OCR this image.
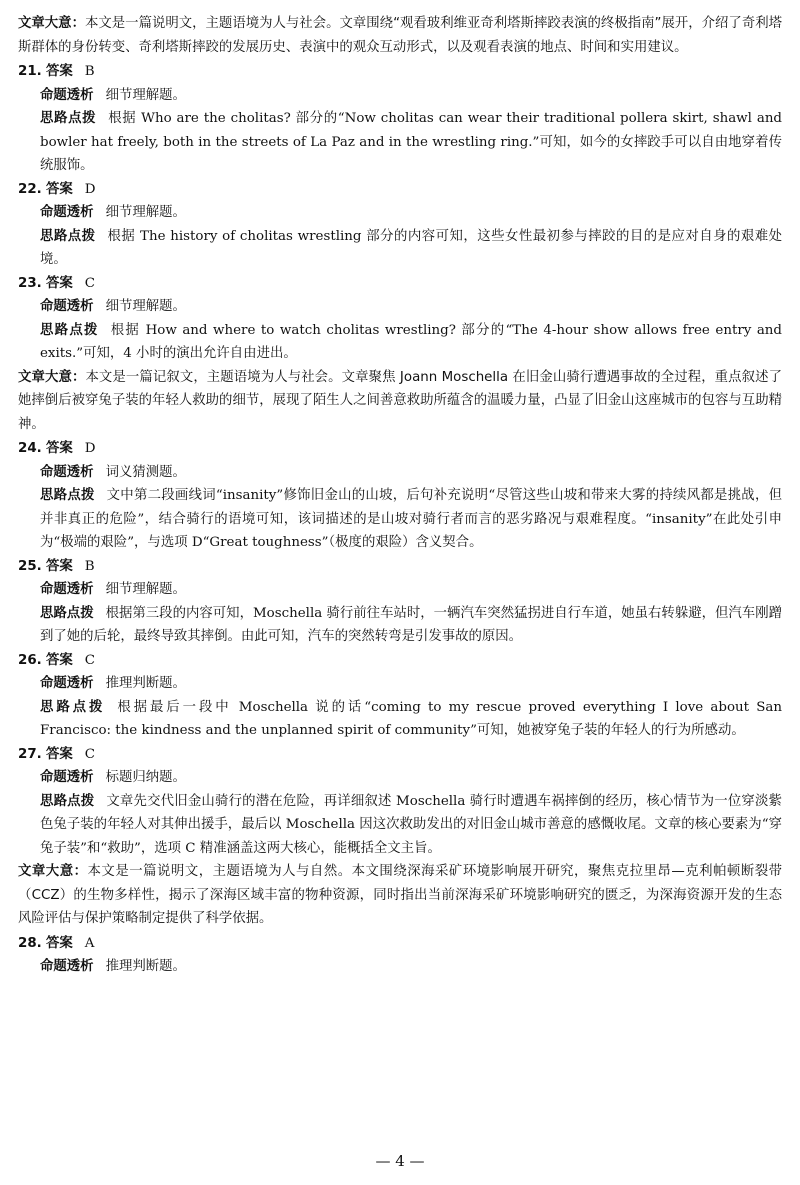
文章大意：本文是一篇说明文，主题语境为人与社会。文章围绕“观看玻利维亚奇利塔斯摔跤表演的终极指南”展开，介绍了奇利塔斯群体的身份转变、奇利塔斯摔跤的发展历史、表演中的观众互动形式，以及观看表演的地点、时间和实用建议。

21. 答案 B

命题透析 细节理解题。

思路点拨 根据 Who are the cholitas? 部分的“Now cholitas can wear their traditional pollera skirt, shawl and bowler hat freely, both in the streets of La Paz and in the wrestling ring.”可知，如今的女摔跤手可以自由地穿着传统服饰。

22. 答案 D

命题透析 细节理解题。

思路点拨 根据 The history of cholitas wrestling 部分的内容可知，这些女性最初参与摔跤的目的是应对自身的艰难处境。

23. 答案 C

命题透析 细节理解题。

思路点拨 根据 How and where to watch cholitas wrestling? 部分的“The 4-hour show allows free entry and exits.”可知，4 小时的演出允许自由进出。

文章大意：本文是一篇记叙文，主题语境为人与社会。文章聚焦 Joann Moschella 在旧金山骑行遭遇事故的全过程，重点叙述了她摔倒后被穿兔子装的年轻人救助的细节，展现了陌生人之间善意救助所蕴含的温暖力量，凸显了旧金山这座城市的包容与互助精神。

24. 答案 D

命题透析 词义猜测题。

思路点拨 文中第二段画线词“insanity”修饰旧金山的山坡，后句补充说明“尽管这些山坡和带来大雾的持续风都是挑战，但并非真正的危险”，结合骑行的语境可知，该词描述的是山坡对骑行者而言的恶劣路况与艰难程度。“insanity”在此处引申为“极端的艰险”，与选项 D“Great toughness”（极度的艰险）含义契合。

25. 答案 B

命题透析 细节理解题。

思路点拨 根据第三段的内容可知，Moschella 骑行前往车站时，一辆汽车突然猛拐进自行车道，她虽右转躲避，但汽车刚蹭到了她的后轮，最终导致其摔倒。由此可知，汽车的突然转弯是引发事故的原因。

26. 答案 C

命题透析 推理判断题。

思路点拨 根据最后一段中 Moschella 说的话“coming to my rescue proved everything I love about San Francisco: the kindness and the unplanned spirit of community”可知，她被穿兔子装的年轻人的行为所感动。

27. 答案 C

命题透析 标题归纳题。

思路点拨 文章先交代旧金山骑行的潜在危险，再详细叙述 Moschella 骑行时遭遇车祸摔倒的经历，核心情节为一位穿淡紫色兔子装的年轻人对其伸出援手，最后以 Moschella 因这次救助发出的对旧金山城市善意的感慨收尾。文章的核心要素为“穿兔子装”和“救助”，选项 C 精准涵盖这两大核心，能概括全文主旨。

文章大意：本文是一篇说明文，主题语境为人与自然。本文围绕深海采矿环境影响展开研究，聚焦克拉里昂—克利帕顿断裂带（CCZ）的生物多样性，揭示了深海区域丰富的物种资源，同时指出当前深海采矿环境影响研究的匮乏，为深海资源开发的生态风险评估与保护策略制定提供了科学依据。

28. 答案 A

命题透析 推理判断题。

— 4 —
